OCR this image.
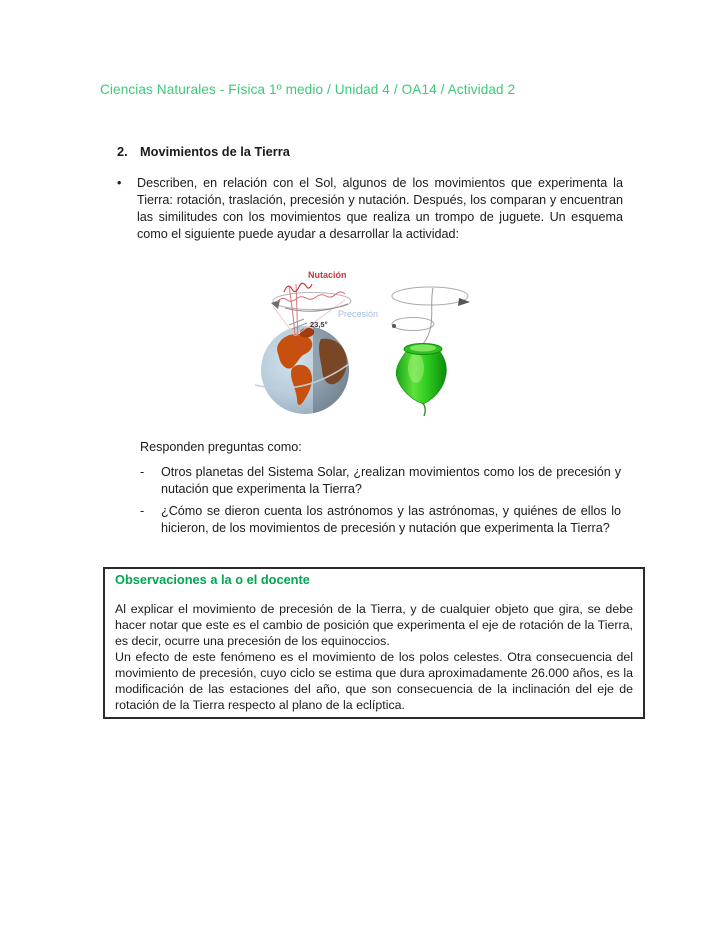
Ciencias Naturales - Física 1º medio / Unidad 4 / OA14 / Actividad 2
2. Movimientos de la Tierra
•	Describen, en relación con el Sol, algunos de los movimientos que experimenta la Tierra: rotación, traslación, precesión y nutación. Después, los comparan y encuentran las similitudes con los movimientos que realiza un trompo de juguete. Un esquema como el siguiente puede ayudar a desarrollar la actividad:
Nutación
Precesión
23,5°
Responden preguntas como:
-	Otros planetas del Sistema Solar, ¿realizan movimientos como los de precesión y nutación que experimenta la Tierra?
-	¿Cómo se dieron cuenta los astrónomos y las astrónomas, y quiénes de ellos lo hicieron, de los movimientos de precesión y nutación que experimenta la Tierra?

Observaciones a la o el docente

Al explicar el movimiento de precesión de la Tierra, y de cualquier objeto que gira, se debe hacer notar que este es el cambio de posición que experimenta el eje de rotación de la Tierra, es decir, ocurre una precesión de los equinoccios.

Un efecto de este fenómeno es el movimiento de los polos celestes. Otra consecuencia del movimiento de precesión, cuyo ciclo se estima que dura aproximadamente 26.000 años, es la modificación de las estaciones del año, que son consecuencia de la inclinación del eje de rotación de la Tierra respecto al plano de la eclíptica.
